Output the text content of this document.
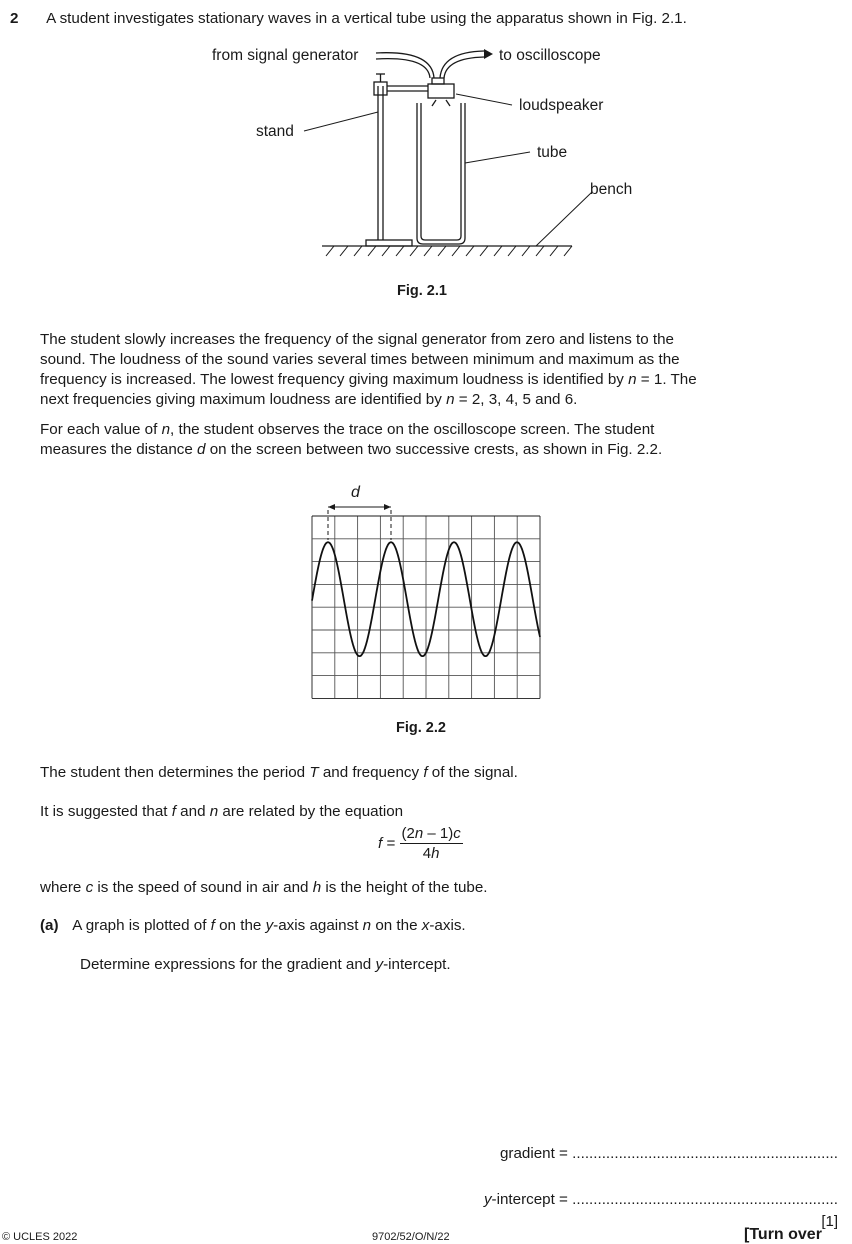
2 A student investigates stationary waves in a vertical tube using the apparatus shown in Fig. 2.1.
from signal generator	to oscilloscope
loudspeaker
stand
tube
bench
Fig. 2.1
The student slowly increases the frequency of the signal generator from zero and listens to the
sound. The loudness of the sound varies several times between minimum and maximum as the
frequency is increased. The lowest frequency giving maximum loudness is identified by n = 1. The
next frequencies giving maximum loudness are identified by n = 2, 3, 4, 5 and 6.
For each value of n, the student observes the trace on the oscilloscope screen. The student
measures the distance d on the screen between two successive crests, as shown in Fig. 2.2.
d
Fig. 2.2
The student then determines the period T and frequency f of the signal.
It is suggested that f and n are related by the equation
$f = \frac{(2n - 1)c}{4h}$
where c is the speed of sound in air and h is the height of the tube.
(a) A graph is plotted of f on the y-axis against n on the x-axis.
Determine expressions for the gradient and y-intercept.
gradient = ...............................................................
y-intercept = ...............................................................
[1]
© UCLES 2022	9702/52/O/N/22	[Turn over
